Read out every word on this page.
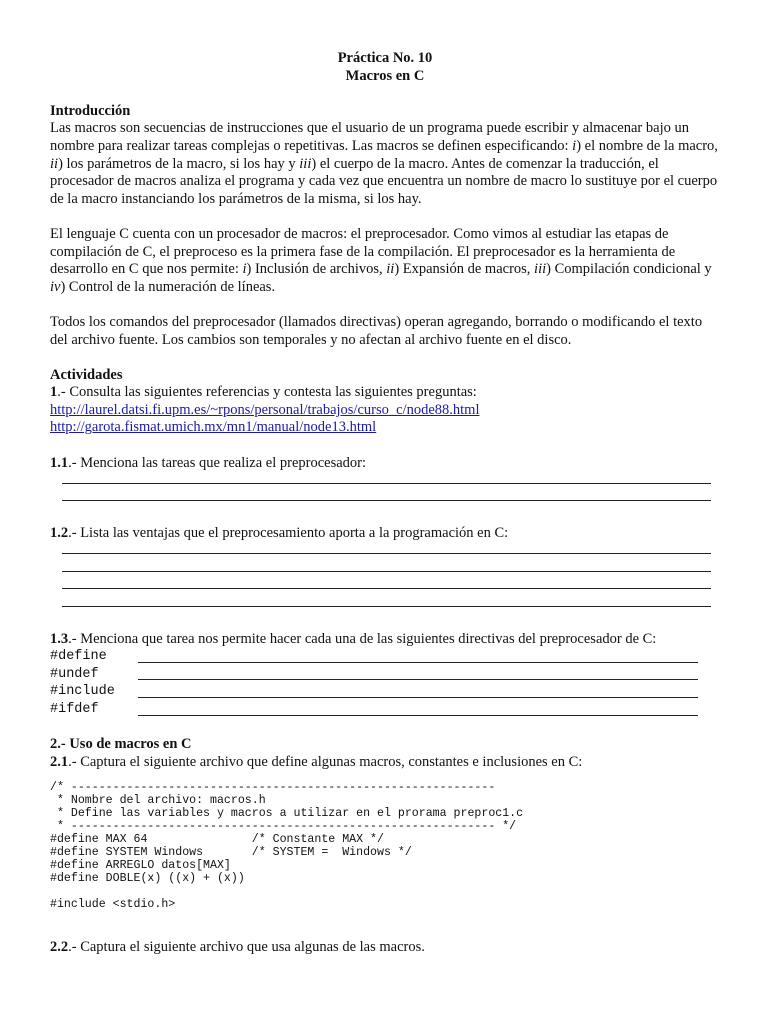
Práctica No. 10

Macros en C

Introducción

Las macros son secuencias de instrucciones que el usuario de un programa puede escribir y almacenar bajo un nombre para realizar tareas complejas o repetitivas. Las macros se definen especificando: i) el nombre de la macro, ii) los parámetros de la macro, si los hay y iii) el cuerpo de la macro. Antes de comenzar la traducción, el procesador de macros analiza el programa y cada vez que encuentra un nombre de macro lo sustituye por el cuerpo de la macro instanciando los parámetros de la misma, si los hay.

El lenguaje C cuenta con un procesador de macros: el preprocesador. Como vimos al estudiar las etapas de compilación de C, el preproceso es la primera fase de la compilación. El preprocesador es la herramienta de desarrollo en C que nos permite: i) Inclusión de archivos, ii) Expansión de macros, iii) Compilación condicional y iv) Control de la numeración de líneas.

Todos los comandos del preprocesador (llamados directivas) operan agregando, borrando o modificando el texto del archivo fuente. Los cambios son temporales y no afectan al archivo fuente en el disco.

Actividades

1.- Consulta las siguientes referencias y contesta las siguientes preguntas:

http://laurel.datsi.fi.upm.es/~rpons/personal/trabajos/curso_c/node88.html

http://garota.fismat.umich.mx/mn1/manual/node13.html

1.1.- Menciona las tareas que realiza el preprocesador:

1.2.- Lista las ventajas que el preprocesamiento aporta a la programación en C:

1.3.- Menciona que tarea nos permite hacer cada una de las siguientes directivas del preprocesador de C:

#define
#undef
#include
#ifdef

2.- Uso de macros en C

2.1.- Captura el siguiente archivo que define algunas macros, constantes e inclusiones en C:

/* -------------------------------------------------------------
* Nombre del archivo: macros.h
* Define las variables y macros a utilizar en el prorama preproc1.c
* ------------------------------------------------------------- */
#define MAX 64               /* Constante MAX */
#define SYSTEM Windows       /* SYSTEM =  Windows */
#define ARREGLO datos[MAX]
#define DOBLE(x) ((x) + (x))

#include <stdio.h>

2.2.- Captura el siguiente archivo que usa algunas de las macros.
